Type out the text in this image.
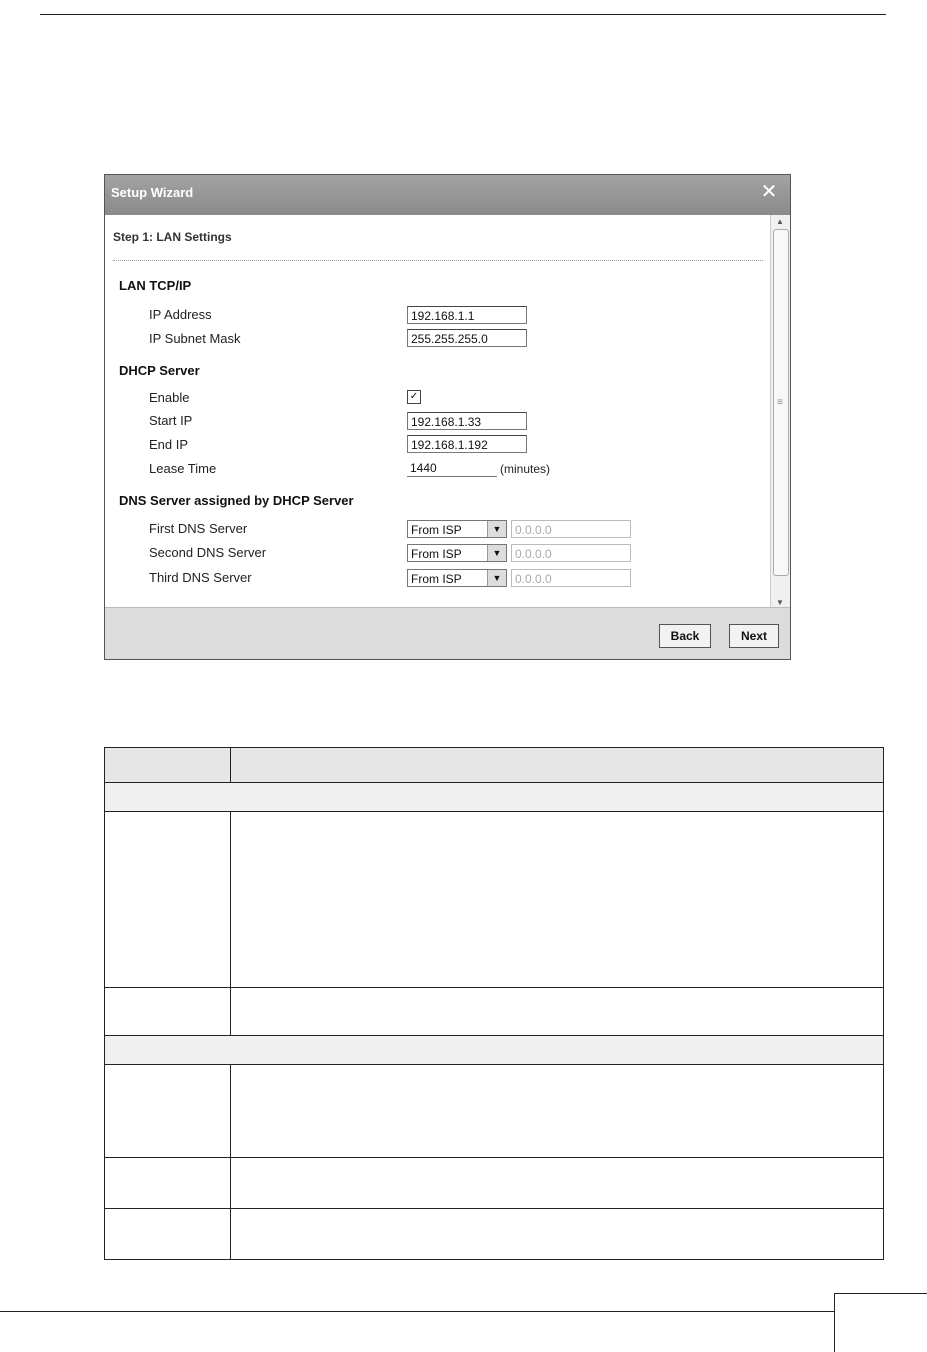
Setup Wizard	✕
Step 1: LAN Settings
LAN TCP/IP
IP Address	192.168.1.1
IP Subnet Mask	255.255.255.0
DHCP Server
Enable	✓
Start IP	192.168.1.33
End IP	192.168.1.192
Lease Time	1440	(minutes)
DNS Server assigned by DHCP Server
First DNS Server	From ISP	▼	0.0.0.0
Second DNS Server	From ISP	▼	0.0.0.0
Third DNS Server	From ISP	▼	0.0.0.0
▲
≡
▼
Back	Next
